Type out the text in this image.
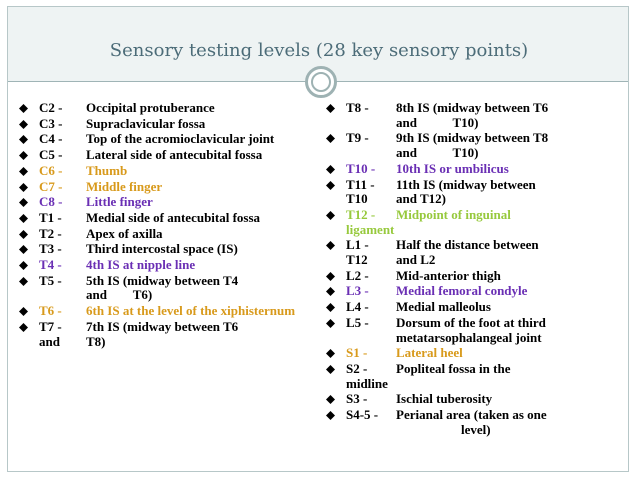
Sensory testing levels (28 key sensory points)
C2 -	Occipital protuberance
C3 -	Supraclavicular fossa
C4 -	Top of the acromioclavicular joint
C5 -	Lateral side of antecubital fossa
C6 -	Thumb
C7 -	Middle finger
C8 -	Little finger
T1 -	Medial side of antecubital fossa
T2 -	Apex of axilla
T3 -	Third intercostal space (IS)
T4 -	4th IS at nipple line
T5 -	5th IS (midway between T4
and        T6)
T6 -	6th IS at the level of the xiphisternum
T7 -	7th IS (midway between T6
and	T8)
T8 -	8th IS (midway between T6
and           T10)
T9 -	9th IS (midway between T8
and           T10)
T10 -	10th IS or umbilicus
T11 -	11th IS (midway between
T10	and T12)
T12 -	Midpoint of inguinal
ligament
L1 -	Half the distance between
T12	and L2
L2 -	Mid-anterior thigh
L3 -	Medial femoral condyle
L4 -	Medial malleolus
L5 -	Dorsum of the foot at third metatarsophalangeal joint
S1 -	Lateral heel
S2 -	Popliteal fossa in the
midline
S3 -	Ischial tuberosity
S4-5 -	Perianal area (taken as one
level)
